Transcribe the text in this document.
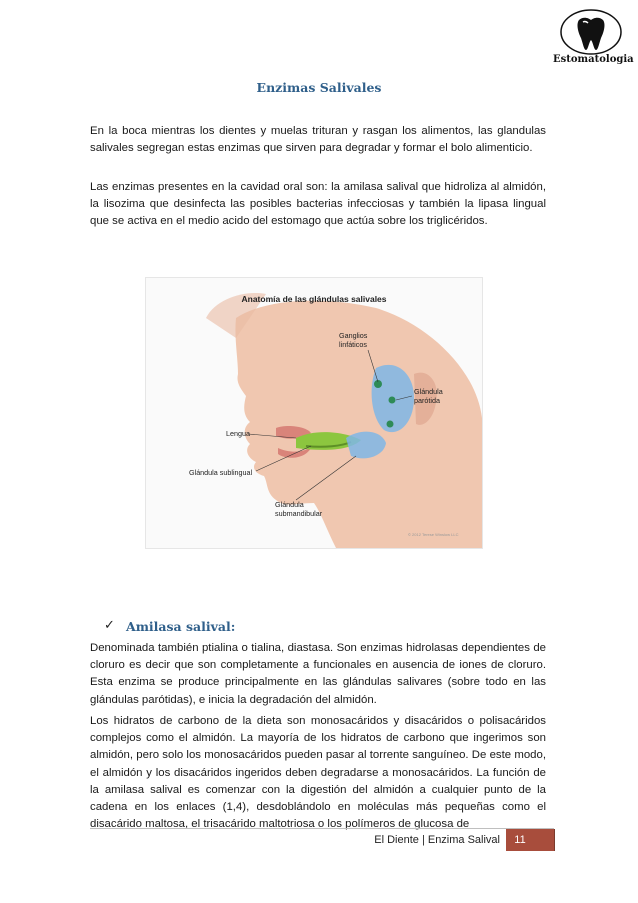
Estomatologia
Enzimas Salivales

En la boca mientras los dientes y muelas trituran y rasgan los alimentos, las glandulas salivales segregan estas enzimas que sirven para degradar y formar el bolo alimenticio.

Las enzimas presentes en la cavidad oral son: la amilasa salival que hidroliza al almidón, la lisozima que desinfecta las posibles bacterias infecciosas y también la lipasa lingual que se activa en el medio acido del estomago que actúa sobre los triglicéridos.

Anatomía de las glándulas salivales
Ganglios linfáticos
Glándula parótida
Lengua
Glándula sublingual
Glándula submandibular
© 2012 Terese Winslow LLC
✓ Amilasa salival:

Denominada también ptialina o tialina, diastasa. Son enzimas hidrolasas dependientes de cloruro es decir que son completamente a funcionales en ausencia de iones de cloruro. Esta enzima se produce principalmente en las glándulas salivares (sobre todo en las glándulas parótidas), e inicia la degradación del almidón.

Los hidratos de carbono de la dieta son monosacáridos y disacáridos o polisacáridos complejos como el almidón. La mayoría de los hidratos de carbono que ingerimos son almidón, pero solo los monosacáridos pueden pasar al torrente sanguíneo. De este modo, el almidón y los disacáridos ingeridos deben degradarse a monosacáridos. La función de la amilasa salival es comenzar con la digestión del almidón a cualquier punto de la cadena en los enlaces (1,4), desdoblándolo en moléculas más pequeñas como el disacárido maltosa, el trisacárido maltotriosa o los polímeros de glucosa de

El Diente | Enzima Salival	11
